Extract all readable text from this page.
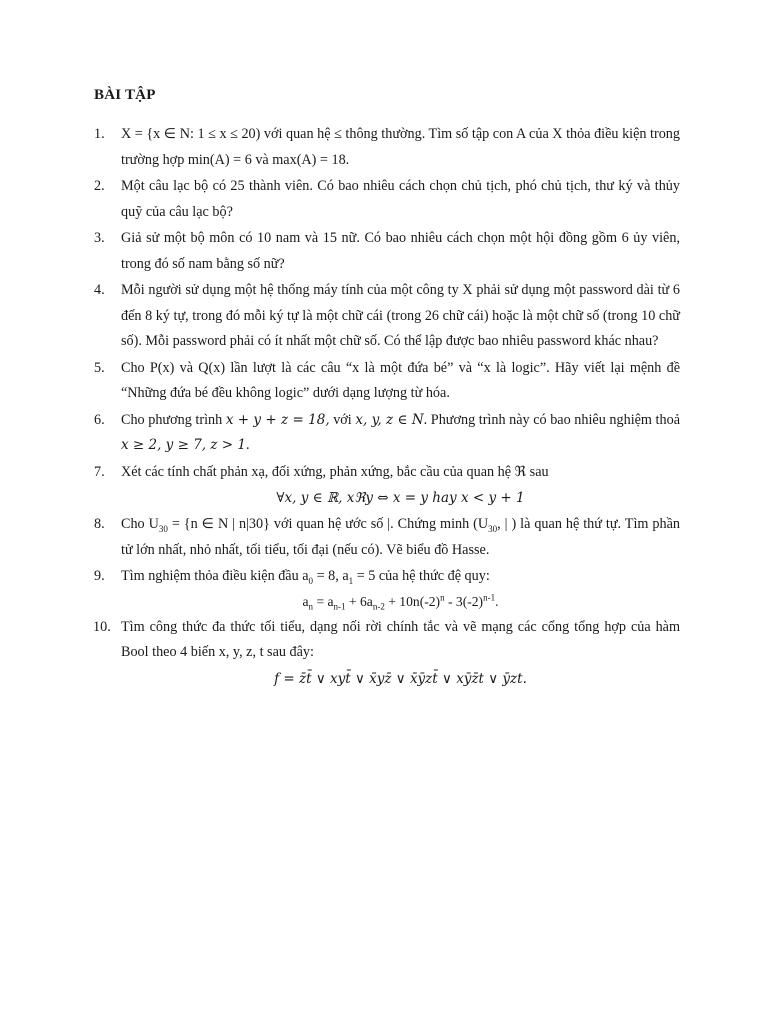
BÀI TẬP
1. X = {x ∈ N: 1 ≤ x ≤ 20) với quan hệ ≤ thông thường. Tìm số tập con A của X thỏa điều kiện trong trường hợp min(A) = 6 và max(A) = 18.
2. Một câu lạc bộ có 25 thành viên. Có bao nhiêu cách chọn chủ tịch, phó chủ tịch, thư ký và thủy quỹ của câu lạc bộ?
3. Giả sử một bộ môn có 10 nam và 15 nữ. Có bao nhiêu cách chọn một hội đồng gồm 6 ủy viên, trong đó số nam bằng số nữ?
4. Mỗi người sử dụng một hệ thống máy tính của một công ty X phải sử dụng một password dài từ 6 đến 8 ký tự, trong đó mỗi ký tự là một chữ cái (trong 26 chữ cái) hoặc là một chữ số (trong 10 chữ số). Mỗi password phải có ít nhất một chữ số. Có thể lập được bao nhiêu password khác nhau?
5. Cho P(x) và Q(x) lần lượt là các câu “x là một đứa bé” và “x là logic”. Hãy viết lại mệnh đề “Những đứa bé đều không logic” dưới dạng lượng từ hóa.
6. Cho phương trình x + y + z = 18, với x, y, z ∈ N. Phương trình này có bao nhiêu nghiệm thoả x ≥ 2, y ≥ 7, z > 1.
7. Xét các tính chất phản xạ, đối xứng, phản xứng, bắc cầu của quan hệ ℜ sau
∀x, y ∈ ℝ, xℜy ⇔ x = y hay x < y + 1
8. Cho $U_{30} = \{n$ ∈ N | n|30} với quan hệ ước số |. Chứng minh ($U_{30}$, | ) là quan hệ thứ tự. Tìm phần tử lớn nhất, nhỏ nhất, tối tiểu, tối đại (nếu có). Vẽ biểu đồ Hasse.
9. Tìm nghiệm thỏa điều kiện đầu $a_0 = 8$, $a_1 = 5$ của hệ thức đệ quy:
$a_n = a_{n-1} + 6a_{n-2} + 10n(-2)^n - 3(-2)^{n-1}$.
10. Tìm công thức đa thức tối tiểu, dạng nối rời chính tắc và vẽ mạng các cổng tổng hợp của hàm Bool theo 4 biến x, y, z, t sau đây:
f = z̄t̄ ∨ xyt̄ ∨ x̄yz̄ ∨ x̄ȳzt̄ ∨ xȳz̄t ∨ ȳzt.
